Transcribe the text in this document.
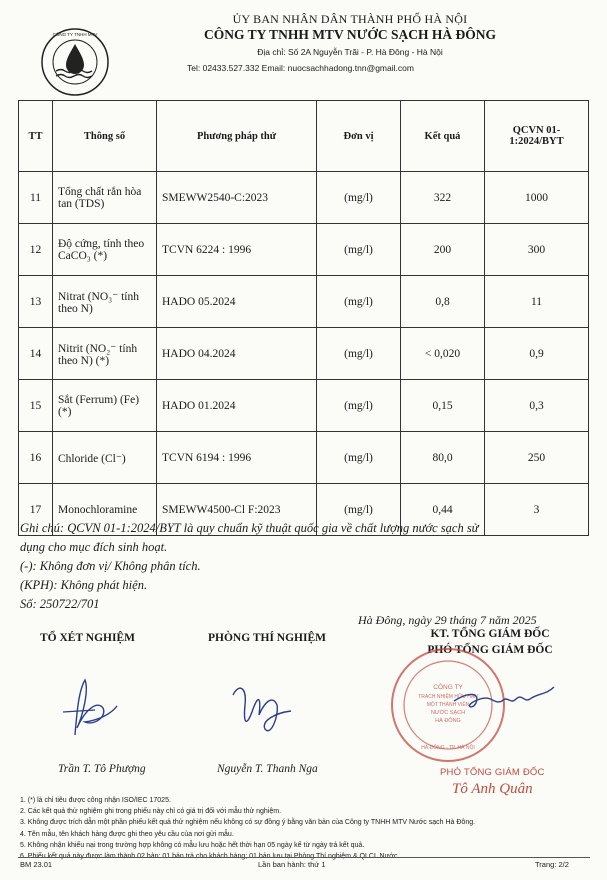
CÔNG TY TNHH MTV
ỦY BAN NHÂN DÂN THÀNH PHỐ HÀ NỘI
CÔNG TY TNHH MTV NƯỚC SẠCH HÀ ĐÔNG
Địa chỉ: Số 2A Nguyễn Trãi - P. Hà Đông - Hà Nội
Tel: 02433.527.332 Email: nuocsachhadong.tnn@gmail.com
TT	Thông số	Phương pháp thử	Đơn vị	Kết quả	QCVN 01-1:2024/BYT
11	Tổng chất rắn hòa tan (TDS)	SMEWW2540-C:2023	(mg/l)	322	1000
12	Độ cứng, tính theo CaCO₃ (*)	TCVN 6224 : 1996	(mg/l)	200	300
13	Nitrat (NO₃⁻ tính theo N)	HADO 05.2024	(mg/l)	0,8	11
14	Nitrit (NO₂⁻ tính theo N) (*)	HADO 04.2024	(mg/l)	< 0,020	0,9
15	Sắt (Ferrum) (Fe) (*)	HADO 01.2024	(mg/l)	0,15	0,3
16	Chloride (Cl⁻)	TCVN 6194 : 1996	(mg/l)	80,0	250
17	Monochloramine	SMEWW4500-Cl F:2023	(mg/l)	0,44	3
Ghi chú: QCVN 01-1:2024/BYT là quy chuẩn kỹ thuật quốc gia về chất lượng nước sạch sử
dụng cho mục đích sinh hoạt.
(-): Không đơn vị/ Không phân tích.
(KPH): Không phát hiện.
Số: 250722/701
Hà Đông, ngày 29 tháng 7 năm 2025
TỔ XÉT NGHIỆM	PHÒNG THÍ NGHIỆM	KT. TỔNG GIÁM ĐỐC
PHÓ TỔNG GIÁM ĐỐC
CÔNG TY
TRÁCH NHIỆM HỮU HẠN
MỘT THÀNH VIÊN
NƯỚC SẠCH
HÀ ĐÔNG
HÀ ĐÔNG - TP. HÀ NỘI
Trần T. Tô Phượng	Nguyễn T. Thanh Nga	PHÓ TỔNG GIÁM ĐỐC
Tô Anh Quân
1. (*) là chỉ tiêu được công nhận ISO/IEC 17025.
2. Các kết quả thử nghiệm ghi trong phiếu này chỉ có giá trị đối với mẫu thử nghiệm.
3. Không được trích dẫn một phần phiếu kết quả thử nghiệm nếu không có sự đồng ý bằng văn bản của Công ty TNHH MTV Nước sạch Hà Đông.
4. Tên mẫu, tên khách hàng được ghi theo yêu cầu của nơi gửi mẫu.
5. Không nhận khiếu nại trong trường hợp không có mẫu lưu hoặc hết thời hạn 05 ngày kể từ ngày trả kết quả.
6. Phiếu kết quả này được làm thành 02 bản: 01 bản trả cho khách hàng; 01 bản lưu tại Phòng Thí nghiệm & QLCL Nước.
BM 23.01	Lần ban hành: thứ 1	Trang: 2/2
